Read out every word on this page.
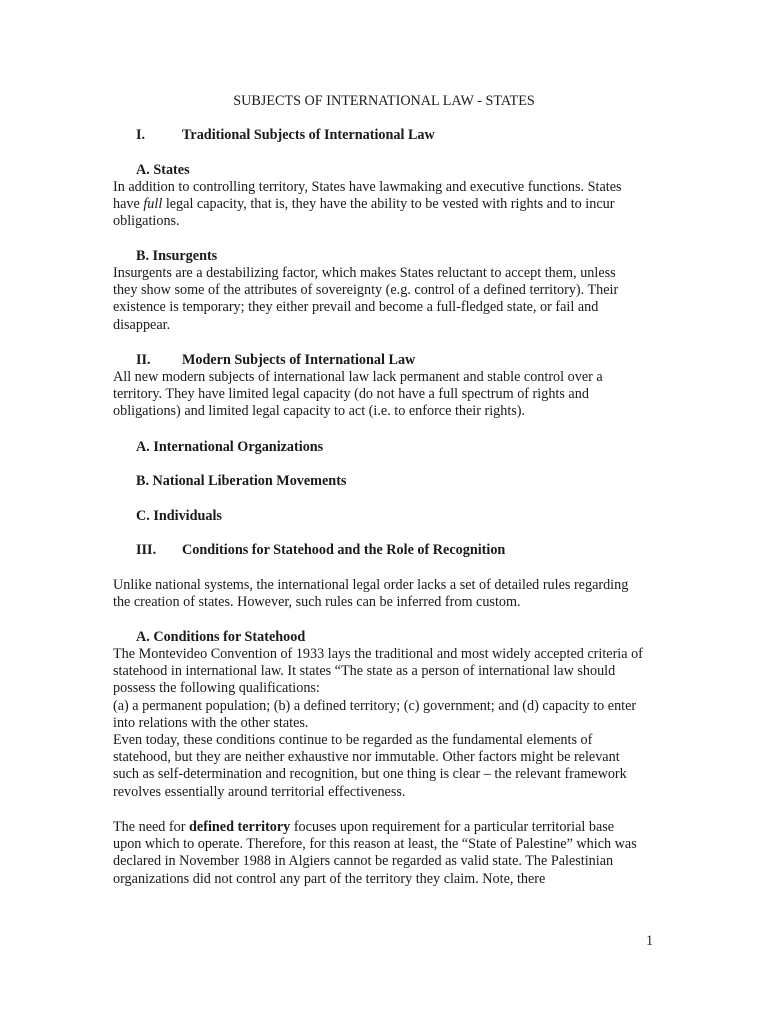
SUBJECTS OF INTERNATIONAL LAW - STATES
I.	Traditional Subjects of International Law
A. States
In addition to controlling territory, States have lawmaking and executive functions. States have full legal capacity, that is, they have the ability to be vested with rights and to incur obligations.
B. Insurgents
Insurgents are a destabilizing factor, which makes States reluctant to accept them, unless they show some of the attributes of sovereignty (e.g. control of a defined territory). Their existence is temporary; they either prevail and become a full-fledged state, or fail and disappear.
II. Modern Subjects of International Law
All new modern subjects of international law lack permanent and stable control over a territory. They have limited legal capacity (do not have a full spectrum of rights and obligations) and limited legal capacity to act (i.e. to enforce their rights).
A. International Organizations
B. National Liberation Movements
C. Individuals
III. Conditions for Statehood and the Role of Recognition
Unlike national systems, the international legal order lacks a set of detailed rules regarding the creation of states. However, such rules can be inferred from custom.
A. Conditions for Statehood
The Montevideo Convention of 1933 lays the traditional and most widely accepted criteria of statehood in international law. It states “The state as a person of international law should possess the following qualifications:
(a) a permanent population; (b) a defined territory; (c) government; and (d) capacity to enter into relations with the other states.
Even today, these conditions continue to be regarded as the fundamental elements of statehood, but they are neither exhaustive nor immutable. Other factors might be relevant such as self-determination and recognition, but one thing is clear – the relevant framework revolves essentially around territorial effectiveness.
The need for defined territory focuses upon requirement for a particular territorial base upon which to operate. Therefore, for this reason at least, the “State of Palestine” which was declared in November 1988 in Algiers cannot be regarded as valid state. The Palestinian organizations did not control any part of the territory they claim. Note, there
1
